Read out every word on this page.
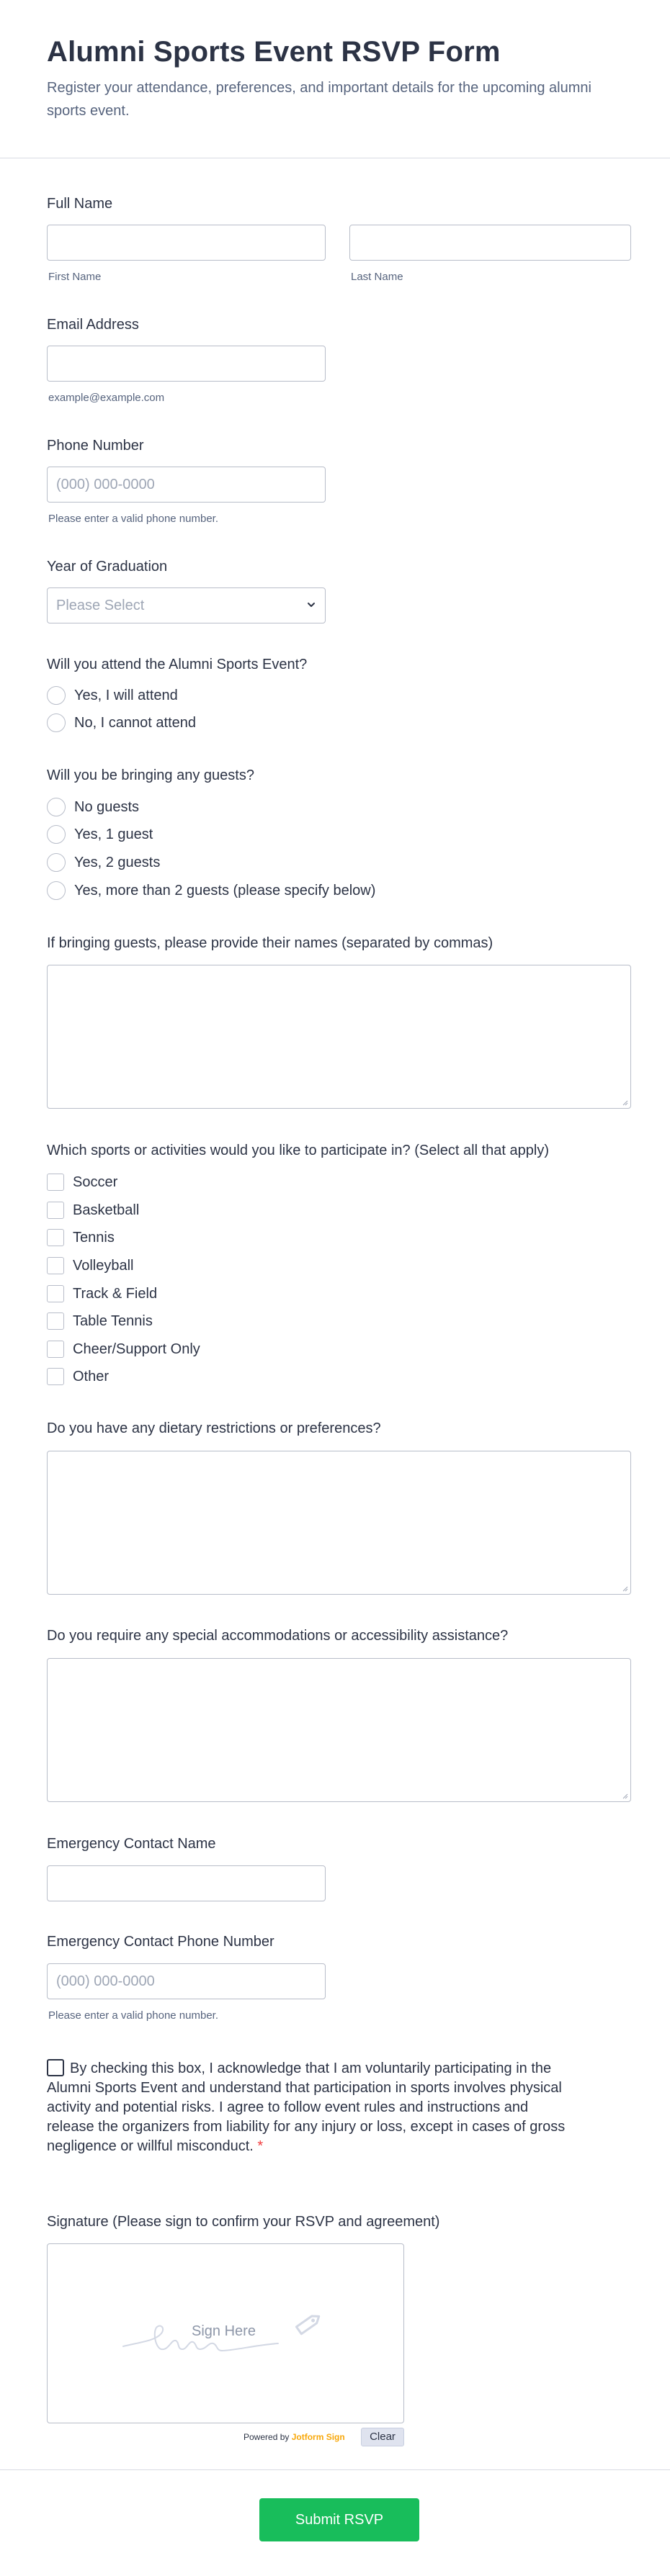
Alumni Sports Event RSVP Form

Register your attendance, preferences, and important details for the upcoming alumni sports event.

Full Name
First Name	Last Name
Email Address
example@example.com
Phone Number
(000) 000-0000
Please enter a valid phone number.
Year of Graduation
Please Select
Will you attend the Alumni Sports Event?
Yes, I will attend
No, I cannot attend
Will you be bringing any guests?
No guests
Yes, 1 guest
Yes, 2 guests
Yes, more than 2 guests (please specify below)
If bringing guests, please provide their names (separated by commas)
Which sports or activities would you like to participate in? (Select all that apply)
Soccer
Basketball
Tennis
Volleyball
Track & Field
Table Tennis
Cheer/Support Only
Other
Do you have any dietary restrictions or preferences?
Do you require any special accommodations or accessibility assistance?
Emergency Contact Name
Emergency Contact Phone Number
(000) 000-0000
Please enter a valid phone number.
By checking this box, I acknowledge that I am voluntarily participating in the Alumni Sports Event and understand that participation in sports involves physical activity and potential risks. I agree to follow event rules and instructions and release the organizers from liability for any injury or loss, except in cases of gross negligence or willful misconduct. *
Signature (Please sign to confirm your RSVP and agreement)
Sign Here
Powered by Jotform Sign	Clear
Submit RSVP
